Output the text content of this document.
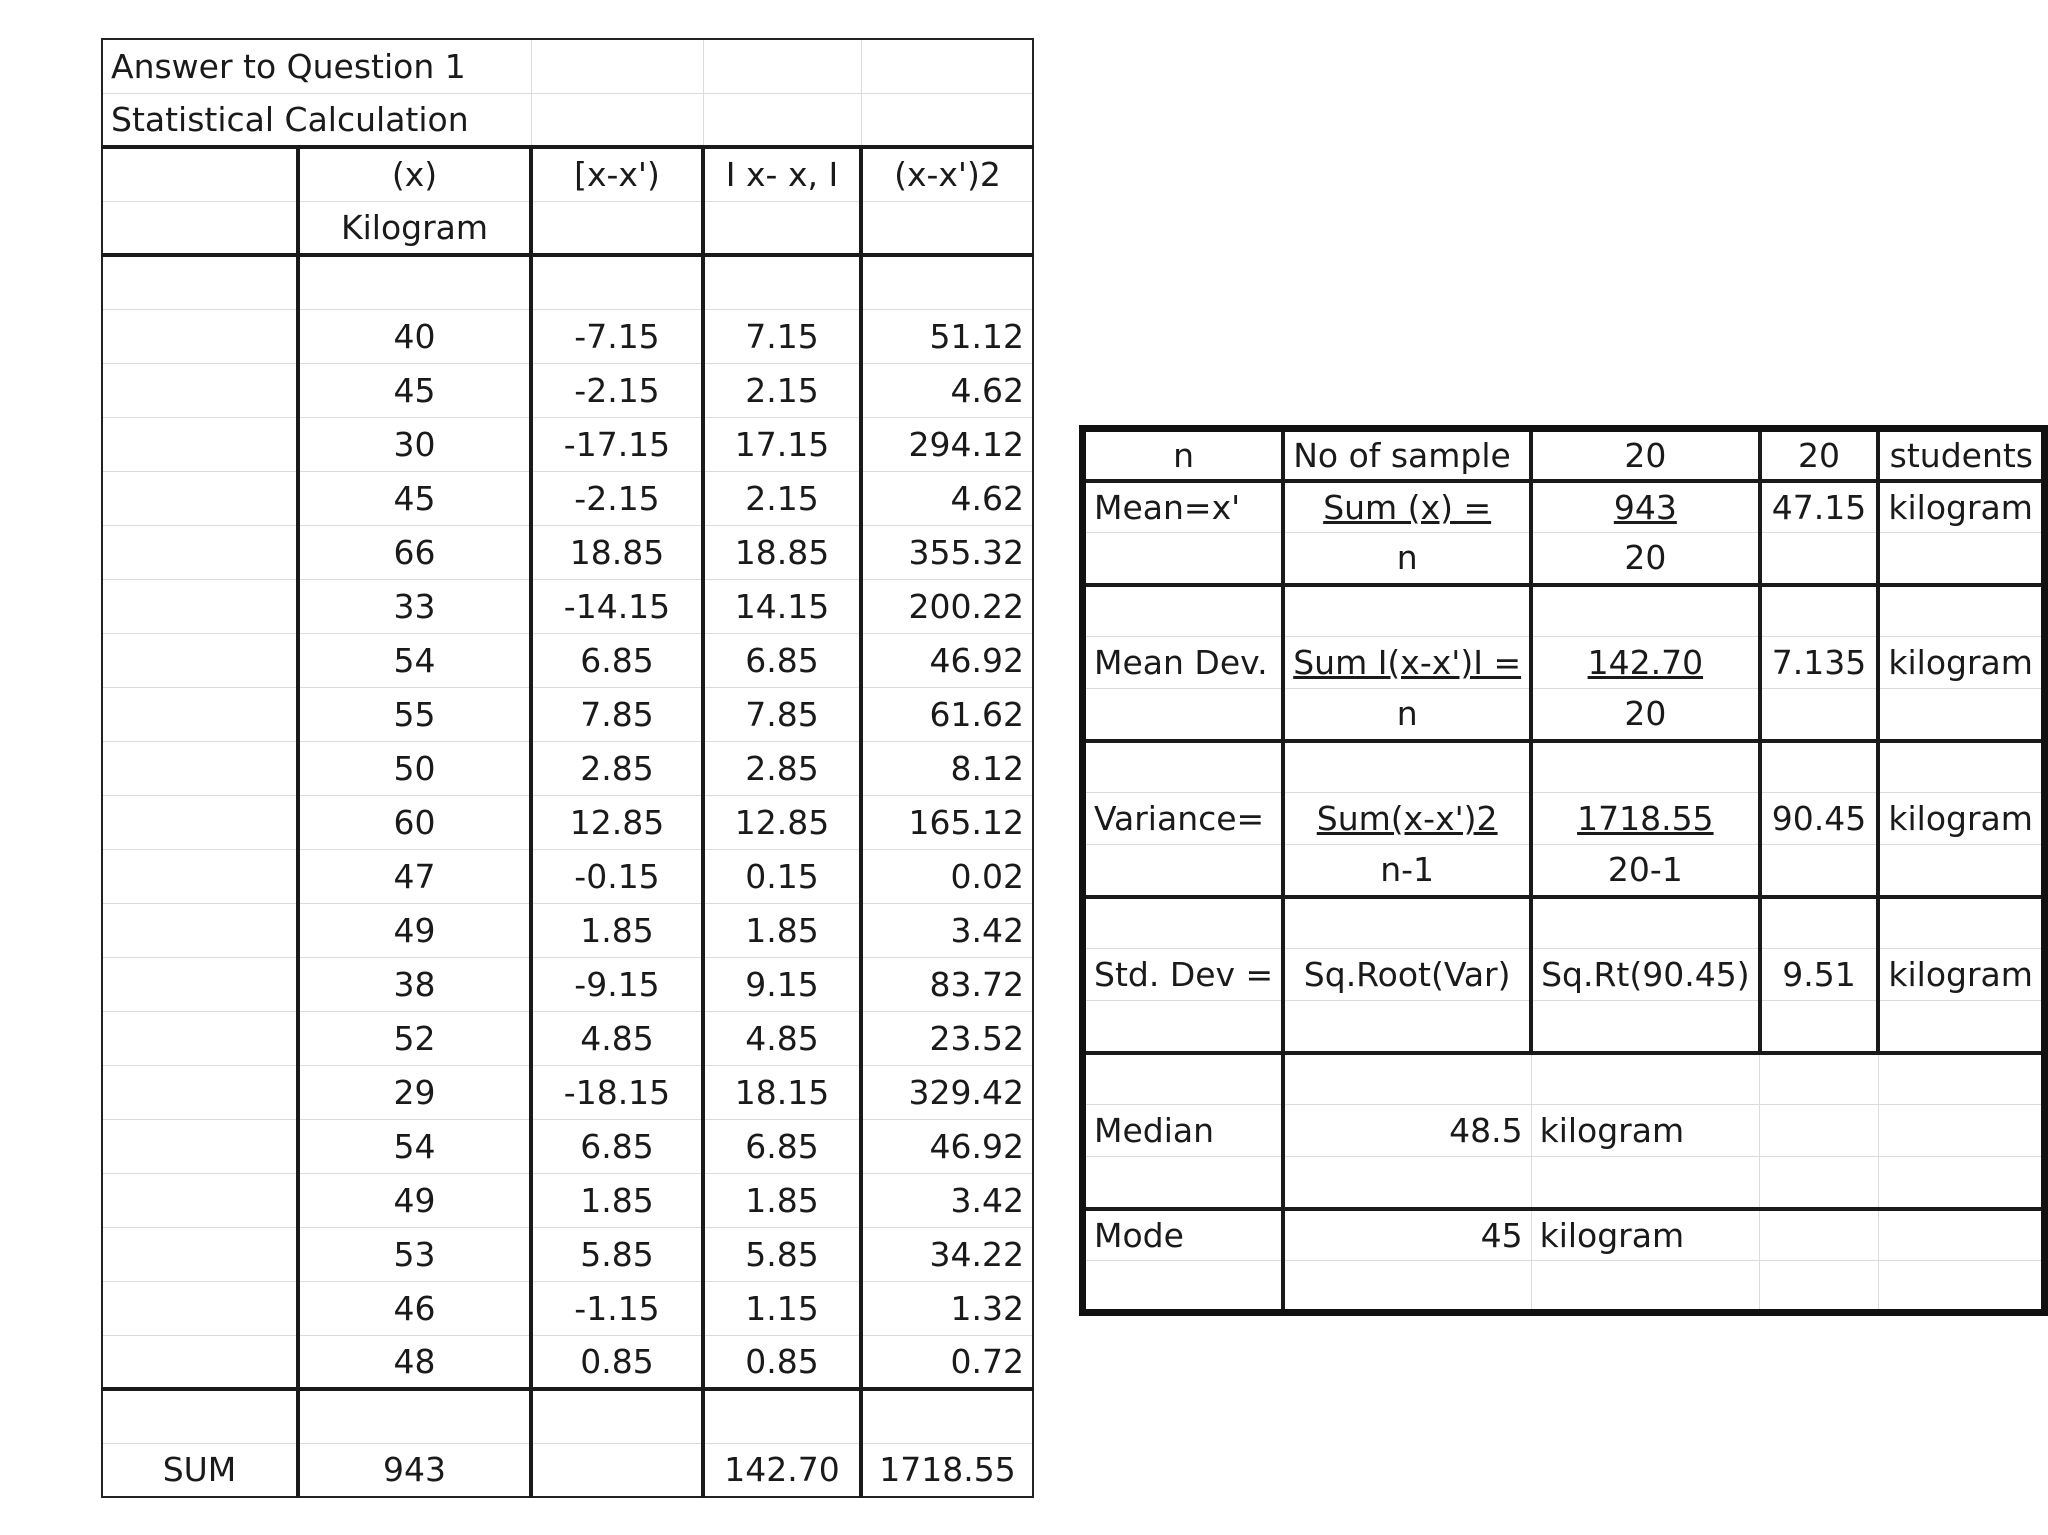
Answer to Question 1				
Statistical Calculation				
	(x)	[x-x')	I x- x, I	(x-x')2
	Kilogram			

	40	-7.15	7.15	51.12
	45	-2.15	2.15	4.62
	30	-17.15	17.15	294.12
	45	-2.15	2.15	4.62
	66	18.85	18.85	355.32
	33	-14.15	14.15	200.22
	54	6.85	6.85	46.92
	55	7.85	7.85	61.62
	50	2.85	2.85	8.12
	60	12.85	12.85	165.12
	47	-0.15	0.15	0.02
	49	1.85	1.85	3.42
	38	-9.15	9.15	83.72
	52	4.85	4.85	23.52
	29	-18.15	18.15	329.42
	54	6.85	6.85	46.92
	49	1.85	1.85	3.42
	53	5.85	5.85	34.22
	46	-1.15	1.15	1.32
	48	0.85	0.85	0.72

SUM	943		142.70	1718.55
n	No of sample	20	20	students
Mean=x'	Sum (x) =	943	47.15	kilogram
	n	20		

Mean Dev.	Sum I(x-x')I =	142.70	7.135	kilogram
	n	20		

Variance=	Sum(x-x')2	1718.55	90.45	kilogram
	n-1	20-1		

Std. Dev =	Sq.Root(Var)	Sq.Rt(90.45)	9.51	kilogram

Median	48.5	kilogram		

Mode	45	kilogram		
